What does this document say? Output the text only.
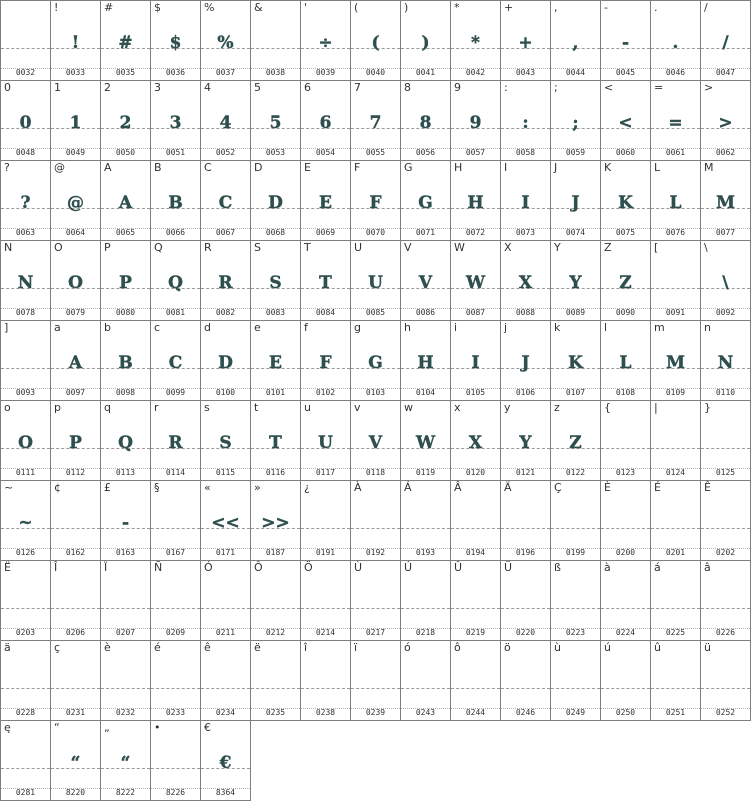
0032
!
!
0033
#
#
0035
$
$
0036
%
%
0037
&
0038
'
÷
0039
(
(
0040
)
)
0041
*
*
0042
+
+
0043
,
,
0044
-
-
0045
.
.
0046
/
/
0047
0
0
0048
1
1
0049
2
2
0050
3
3
0051
4
4
0052
5
5
0053
6
6
0054
7
7
0055
8
8
0056
9
9
0057
:
:
0058
;
;
0059
<
<
0060
=
=
0061
>
>
0062
?
?
0063
@
@
0064
A
A
0065
B
B
0066
C
C
0067
D
D
0068
E
E
0069
F
F
0070
G
G
0071
H
H
0072
I
I
0073
J
J
0074
K
K
0075
L
L
0076
M
M
0077
N
N
0078
O
O
0079
P
P
0080
Q
Q
0081
R
R
0082
S
S
0083
T
T
0084
U
U
0085
V
V
0086
W
W
0087
X
X
0088
Y
Y
0089
Z
Z
0090
[
0091
\
\
0092
]
0093
a
A
0097
b
B
0098
c
C
0099
d
D
0100
e
E
0101
f
F
0102
g
G
0103
h
H
0104
i
I
0105
j
J
0106
k
K
0107
l
L
0108
m
M
0109
n
N
0110
o
O
0111
p
P
0112
q
Q
0113
r
R
0114
s
S
0115
t
T
0116
u
U
0117
v
V
0118
w
W
0119
x
X
0120
y
Y
0121
z
Z
0122
{
0123
|
0124
}
0125
~
~
0126
¢
0162
£
-
0163
§
0167
«
<<
0171
»
>>
0187
¿
0191
À
0192
Á
0193
Â
0194
Ä
0196
Ç
0199
È
0200
É
0201
Ê
0202
Ë
0203
Î
0206
Ï
0207
Ñ
0209
Ó
0211
Ô
0212
Ö
0214
Ù
0217
Ú
0218
Û
0219
Ü
0220
ß
0223
à
0224
á
0225
â
0226
ä
0228
ç
0231
è
0232
é
0233
ê
0234
ë
0235
î
0238
ï
0239
ó
0243
ô
0244
ö
0246
ù
0249
ú
0250
û
0251
ü
0252
ę
0281
“
“
8220
„
“
8222
•
8226
€
€
8364
